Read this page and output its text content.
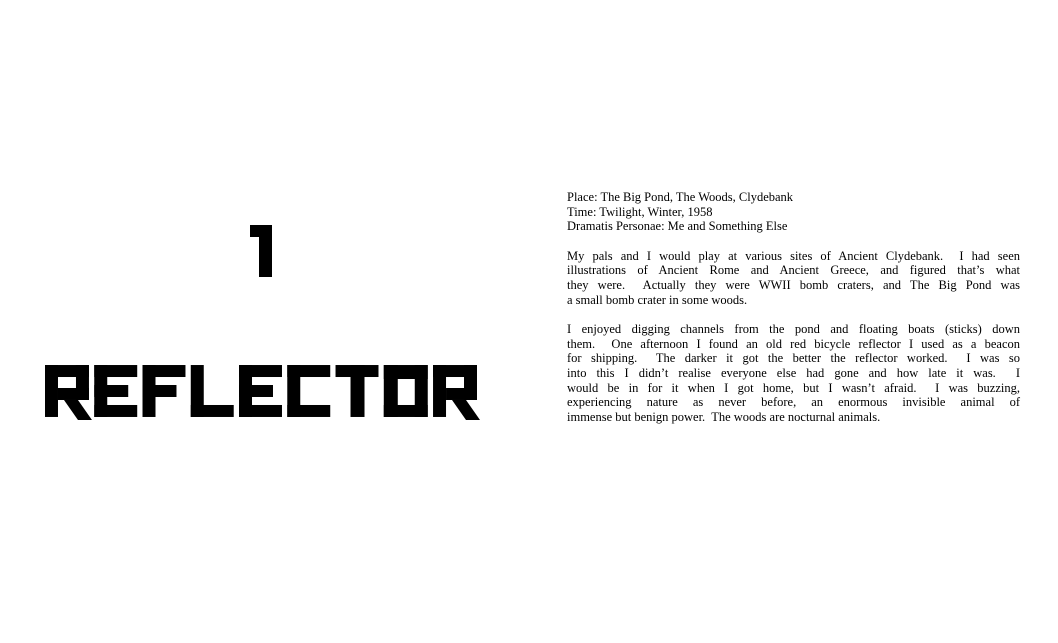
Place: The Big Pond, The Woods, Clydebank

Time: Twilight, Winter, 1958

Dramatis Personae: Me and Something Else

My pals and I would play at various sites of Ancient Clydebank.  I had seen

illustrations of Ancient Rome and Ancient Greece, and figured that’s what

they were.  Actually they were WWII bomb craters, and The Big Pond was

a small bomb crater in some woods.

I enjoyed digging channels from the pond and floating boats (sticks) down

them.  One afternoon I found an old red bicycle reflector I used as a beacon

for shipping.  The darker it got the better the reflector worked.  I was so

into this I didn’t realise everyone else had gone and how late it was.  I

would be in for it when I got home, but I wasn’t afraid.  I was buzzing,

experiencing nature as never before, an enormous invisible animal of

immense but benign power.  The woods are nocturnal animals.
